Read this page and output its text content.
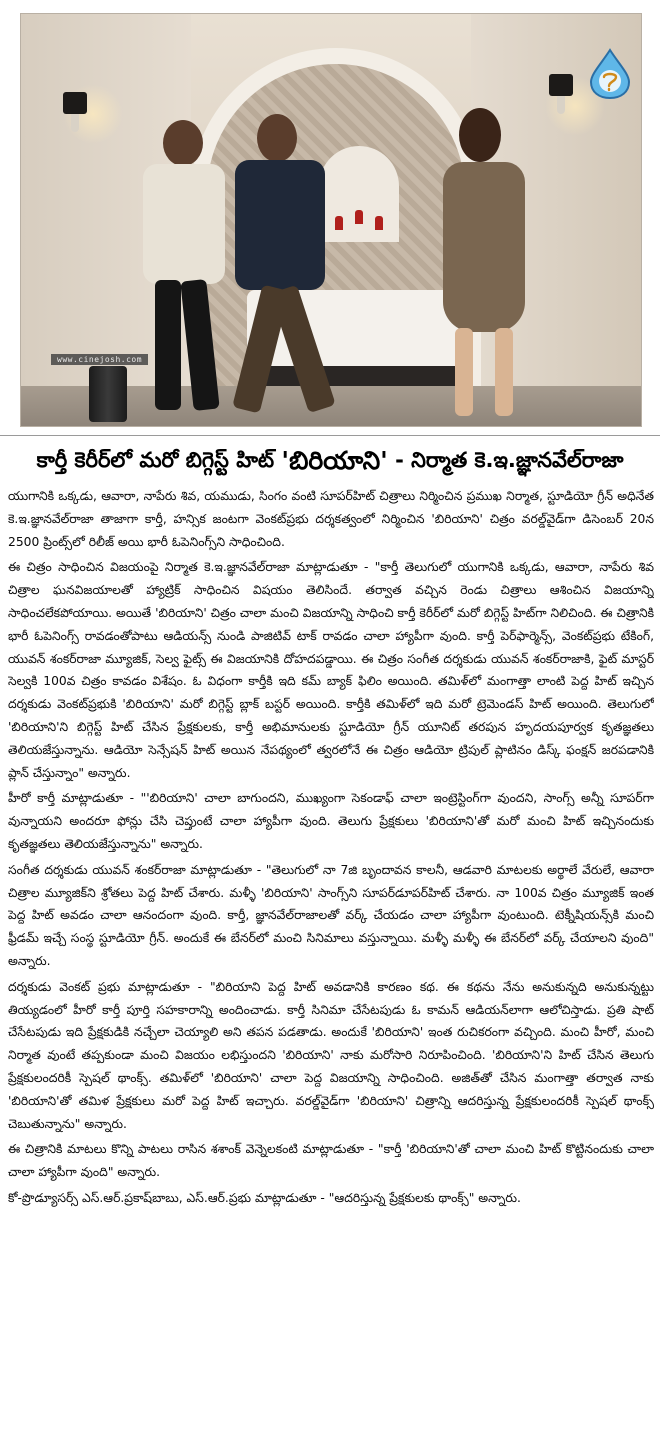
www.cinejosh.com
కార్తీ కెరీర్‌లో మరో బిగ్గెస్ట్ హిట్
'బిరియాని'
- నిర్మాత కె.ఇ.జ్ఞానవేల్‌రాజా

యుగానికి ఒక్కడు, ఆవారా, నాపేరు శివ, యముడు, సింగం వంటి సూపర్‌హిట్ చిత్రాలు నిర్మించిన ప్రముఖ నిర్మాత, స్టూడియో గ్రీన్ అధినేత కె.ఇ.జ్ఞానవేల్‌రాజా తాజాగా కార్తీ, హన్సిక జంటగా వెంకట్‌ప్రభు దర్శకత్వంలో నిర్మించిన 'బిరియాని' చిత్రం వరల్డ్‌వైడ్‌గా డిసెంబర్ 20న 2500 ప్రింట్స్‌లో రిలీజ్ అయి భారీ ఓపెనింగ్స్‌ని సాధించింది.

ఈ చిత్రం సాధించిన విజయంపై నిర్మాత కె.ఇ.జ్ఞానవేల్‌రాజా మాట్లాడుతూ - "కార్తీ తెలుగులో యుగానికి ఒక్కడు, ఆవారా, నాపేరు శివ చిత్రాల ఘనవిజయాలతో హ్యాట్రిక్ సాధించిన విషయం తెలిసిందే. తర్వాత వచ్చిన రెండు చిత్రాలు ఆశించిన విజయాన్ని సాధించలేకపోయాయి. అయితే 'బిరియాని' చిత్రం చాలా మంచి విజయాన్ని సాధించి కార్తీ కెరీర్‌లో మరో బిగ్గెస్ట్ హిట్‌గా నిలిచింది. ఈ చిత్రానికి భారీ ఓపెనింగ్స్ రావడంతోపాటు ఆడియన్స్ నుండి పాజిటివ్ టాక్ రావడం చాలా హ్యాపీగా వుంది. కార్తీ పెర్‌ఫార్మెన్స్, వెంకట్‌ప్రభు టేకింగ్, యువన్ శంకర్‌రాజా మ్యూజిక్, సెల్వ ఫైట్స్ ఈ విజయానికి దోహదపడ్డాయి. ఈ చిత్రం సంగీత దర్శకుడు యువన్ శంకర్‌రాజాకి, ఫైట్ మాస్టర్ సెల్వకి 100వ చిత్రం కావడం విశేషం. ఓ విధంగా కార్తీకి ఇది కమ్ బ్యాక్ ఫిలిం అయింది. తమిళ్‌లో మంగాత్తా లాంటి పెద్ద హిట్ ఇచ్చిన దర్శకుడు వెంకట్‌ప్రభుకి 'బిరియాని' మరో బిగ్గెస్ట్ బ్లాక్ బస్టర్ అయింది. కార్తీకి తమిళ్‌లో ఇది మరో ట్రెమెండస్ హిట్ అయింది. తెలుగులో 'బిరియాని'ని బిగ్గెస్ట్ హిట్ చేసిన ప్రేక్షకులకు, కార్తీ అభిమానులకు స్టూడియో గ్రీన్ యూనిట్ తరపున హృదయపూర్వక కృతజ్ఞతలు తెలియజేస్తున్నాను. ఆడియో సెన్సేషన్ హిట్ అయిన నేపథ్యంలో త్వరలోనే ఈ చిత్రం ఆడియో ట్రిపుల్ ప్లాటినం డిస్క్ ఫంక్షన్ జరపడానికి ప్లాన్ చేస్తున్నాం" అన్నారు.

హీరో కార్తీ మాట్లాడుతూ - "'బిరియాని' చాలా బాగుందని, ముఖ్యంగా సెకండాఫ్ చాలా ఇంట్రెస్టింగ్‌గా వుందని, సాంగ్స్ అన్నీ సూపర్‌గా వున్నాయని అందరూ ఫోన్లు చేసి చెప్తుంటే చాలా హ్యాపీగా వుంది. తెలుగు ప్రేక్షకులు 'బిరియాని'తో మరో మంచి హిట్ ఇచ్చినందుకు కృతజ్ఞతలు తెలియజేస్తున్నాను" అన్నారు.

సంగీత దర్శకుడు యువన్ శంకర్‌రాజా మాట్లాడుతూ - "తెలుగులో నా 7జి బృందావన కాలనీ, ఆడవారి మాటలకు అర్థాలే వేరులే, ఆవారా చిత్రాల మ్యూజిక్‌ని శ్రోతలు పెద్ద హిట్ చేశారు. మళ్ళీ 'బిరియాని' సాంగ్స్‌ని సూపర్‌డూపర్‌హిట్ చేశారు. నా 100వ చిత్రం మ్యూజిక్ ఇంత పెద్ద హిట్ అవడం చాలా ఆనందంగా వుంది. కార్తీ, జ్ఞానవేల్‌రాజాలతో వర్క్ చేయడం చాలా హ్యాపీగా వుంటుంది. టెక్నీషియన్స్‌కి మంచి ఫ్రీడమ్ ఇచ్చే సంస్థ స్టూడియో గ్రీన్. అందుకే ఈ బేనర్‌లో మంచి సినిమాలు వస్తున్నాయి. మళ్ళీ మళ్ళీ ఈ బేనర్‌లో వర్క్ చేయాలని వుంది" అన్నారు.

దర్శకుడు వెంకట్ ప్రభు మాట్లాడుతూ - "బిరియాని పెద్ద హిట్ అవడానికి కారణం కథ. ఈ కథను నేను అనుకున్నది అనుకున్నట్టు తియ్యడంలో హీరో కార్తీ పూర్తి సహకారాన్ని అందించాడు. కార్తీ సినిమా చేసేటపుడు ఓ కామన్ ఆడియన్‌లాగా ఆలోచిస్తాడు. ప్రతి షాట్ చేసేటపుడు ఇది ప్రేక్షకుడికి నచ్చేలా చెయ్యాలి అని తపన పడతాడు. అందుకే 'బిరియాని' ఇంత రుచికరంగా వచ్చింది. మంచి హీరో, మంచి నిర్మాత వుంటే తప్పకుండా మంచి విజయం లభిస్తుందని 'బిరియాని' నాకు మరోసారి నిరూపించింది. 'బిరియాని'ని హిట్ చేసిన తెలుగు ప్రేక్షకులందరికీ స్పెషల్ థాంక్స్. తమిళ్‌లో 'బిరియాని' చాలా పెద్ద విజయాన్ని సాధించింది. అజిత్‌తో చేసిన మంగాత్తా తర్వాత నాకు 'బిరియాని'తో తమిళ ప్రేక్షకులు మరో పెద్ద హిట్ ఇచ్చారు. వరల్డ్‌వైడ్‌గా 'బిరియాని' చిత్రాన్ని ఆదరిస్తున్న ప్రేక్షకులందరికీ స్పెషల్ థాంక్స్ చెబుతున్నాను" అన్నారు.

ఈ చిత్రానికి మాటలు కొన్ని పాటలు రాసిన శశాంక్ వెన్నెలకంటి మాట్లాడుతూ - "కార్తీ 'బిరియాని'తో చాలా మంచి హిట్ కొట్టినందుకు చాలా చాలా హ్యాపీగా వుంది" అన్నారు.

కో-ప్రొడ్యూసర్స్ ఎస్.ఆర్.ప్రకాష్‌బాబు, ఎస్.ఆర్.ప్రభు మాట్లాడుతూ - "ఆదరిస్తున్న ప్రేక్షకులకు థాంక్స్" అన్నారు.
